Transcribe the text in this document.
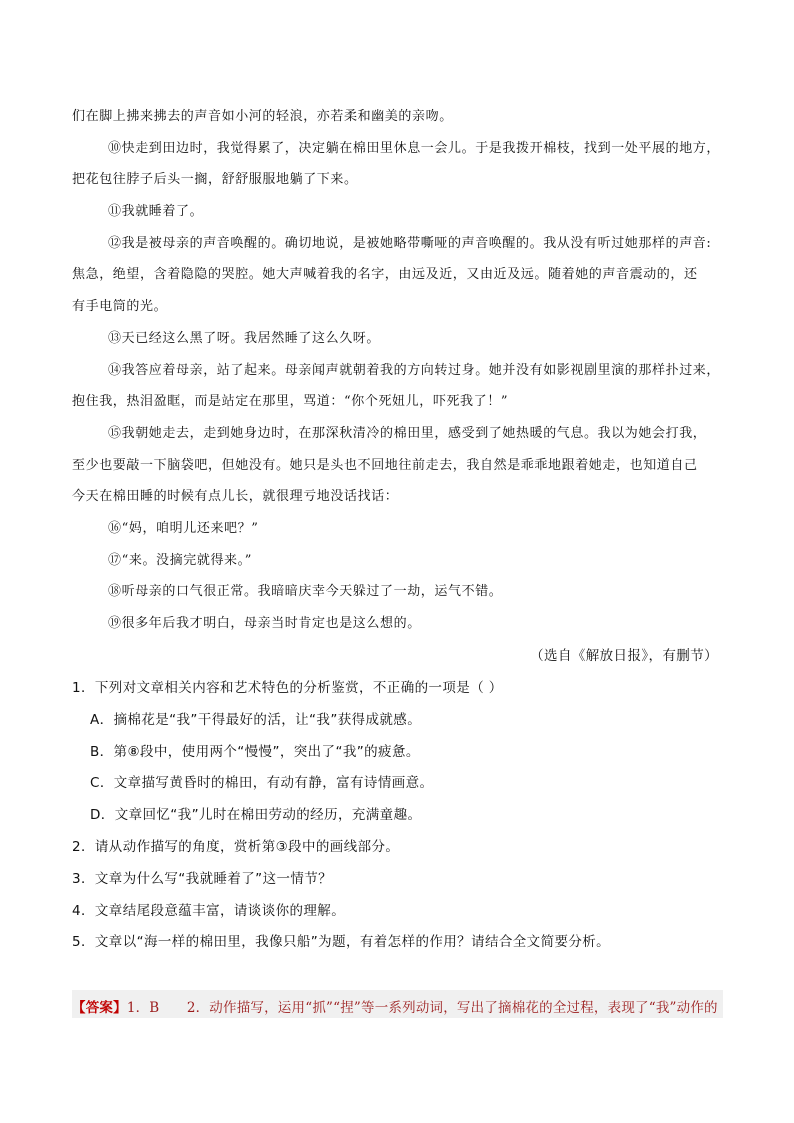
们在脚上拂来拂去的声音如小河的轻浪，亦若柔和幽美的亲吻。
⑩快走到田边时，我觉得累了，决定躺在棉田里休息一会儿。于是我拨开棉枝，找到一处平展的地方，
把花包往脖子后头一搁，舒舒服服地躺了下来。
⑪我就睡着了。
⑫我是被母亲的声音唤醒的。确切地说，是被她略带嘶哑的声音唤醒的。我从没有听过她那样的声音:
焦急，绝望，含着隐隐的哭腔。她大声喊着我的名字，由远及近，又由近及远。随着她的声音震动的，还
有手电筒的光。
⑬天已经这么黑了呀。我居然睡了这么久呀。
⑭我答应着母亲，站了起来。母亲闻声就朝着我的方向转过身。她并没有如影视剧里演的那样扑过来，
抱住我，热泪盈眶，而是站定在那里，骂道：“你个死妞儿，吓死我了！”
⑮我朝她走去，走到她身边时，在那深秋清冷的棉田里，感受到了她热暖的气息。我以为她会打我，
至少也要敲一下脑袋吧，但她没有。她只是头也不回地往前走去，我自然是乖乖地跟着她走，也知道自己
今天在棉田睡的时候有点儿长，就很理亏地没话找话：
⑯“妈，咱明儿还来吧？”
⑰“来。没摘完就得来。”
⑱听母亲的口气很正常。我暗暗庆幸今天躲过了一劫，运气不错。
⑲很多年后我才明白，母亲当时肯定也是这么想的。
（选自《解放日报》，有删节）
1．下列对文章相关内容和艺术特色的分析鉴赏，不正确的一项是（ ）
A．摘棉花是“我”干得最好的活，让“我”获得成就感。
B．第⑧段中，使用两个“慢慢”，突出了“我”的疲惫。
C．文章描写黄昏时的棉田，有动有静，富有诗情画意。
D．文章回忆“我”儿时在棉田劳动的经历，充满童趣。
2．请从动作描写的角度，赏析第③段中的画线部分。
3．文章为什么写“我就睡着了”这一情节？
4．文章结尾段意蕴丰富，请谈谈你的理解。
5．文章以“海一样的棉田里，我像只船”为题，有着怎样的作用？请结合全文简要分析。
【答案】1．B　　2．动作描写，运用“抓”“捏”等一系列动词，写出了摘棉花的全过程，表现了“我”动作的
